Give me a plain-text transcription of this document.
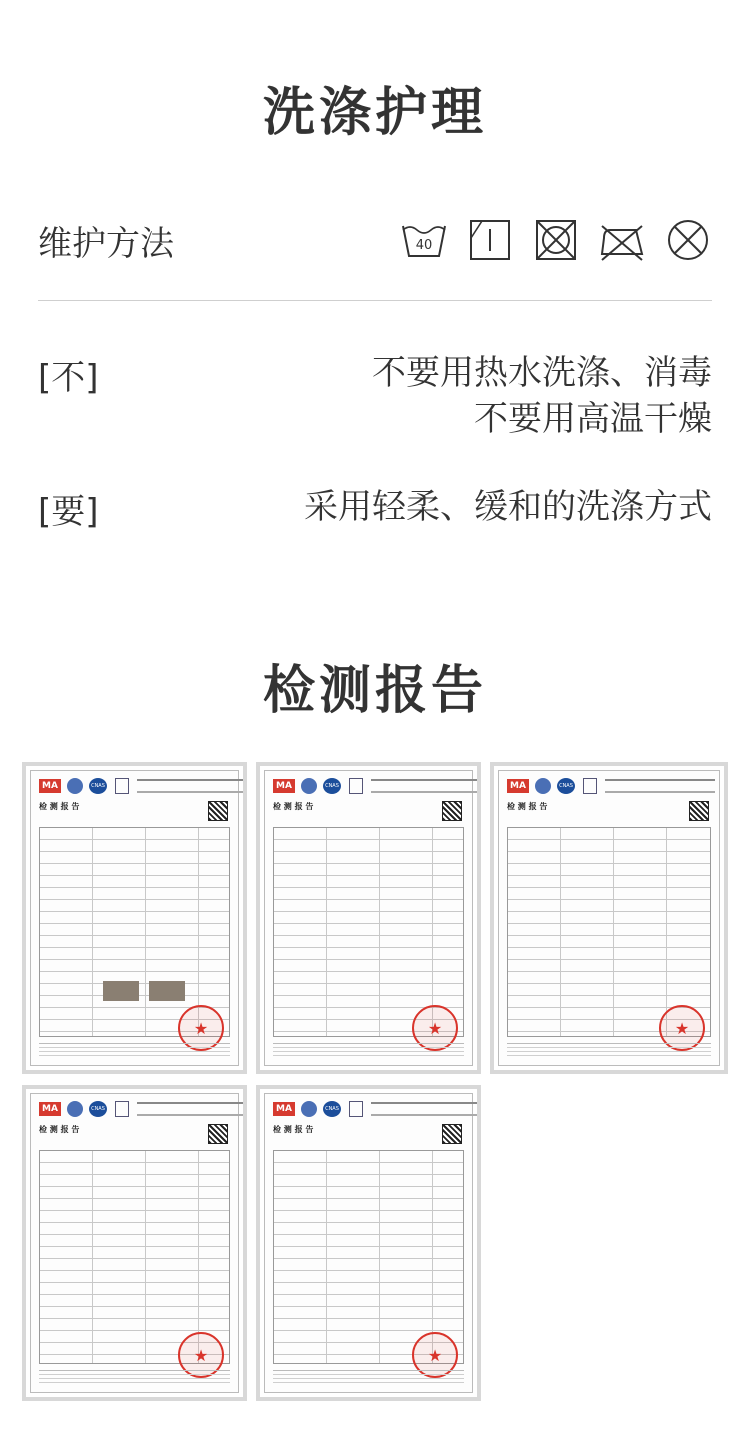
洗涤护理
维护方法	40
[不]	不要用热水洗涤、消毒
不要用高温干燥
[要]	采用轻柔、缓和的洗涤方式
检测报告
MA	CNAS
检 测 报 告
★
MA	CNAS
检 测 报 告
★
MA	CNAS
检 测 报 告
★
MA	CNAS
检 测 报 告
★
MA	CNAS
检 测 报 告
★
